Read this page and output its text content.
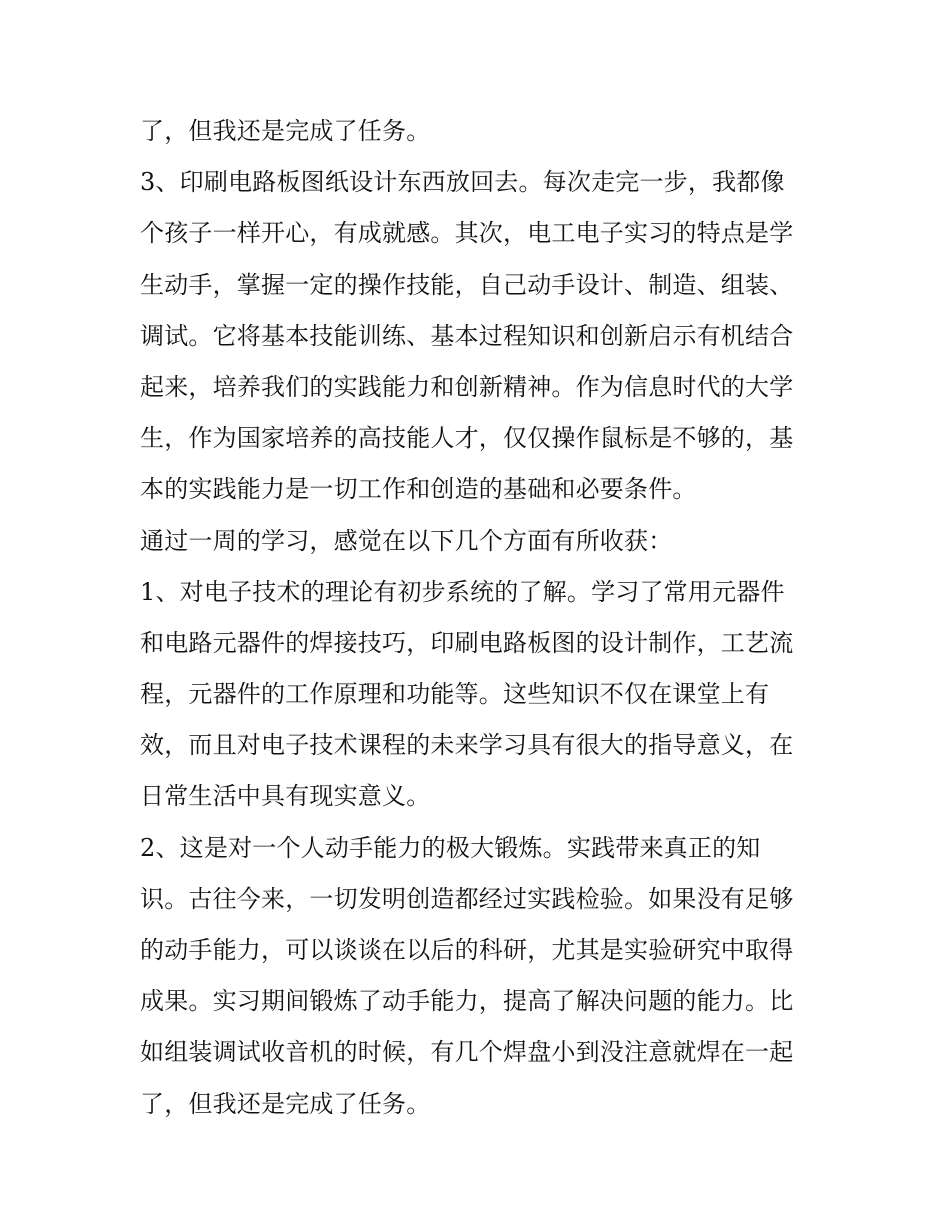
了，但我还是完成了任务。
3、印刷电路板图纸设计东西放回去。每次走完一步，我都像
个孩子一样开心，有成就感。其次，电工电子实习的特点是学
生动手，掌握一定的操作技能，自己动手设计、制造、组装、
调试。它将基本技能训练、基本过程知识和创新启示有机结合
起来，培养我们的实践能力和创新精神。作为信息时代的大学
生，作为国家培养的高技能人才，仅仅操作鼠标是不够的，基
本的实践能力是一切工作和创造的基础和必要条件。
通过一周的学习，感觉在以下几个方面有所收获：
1、对电子技术的理论有初步系统的了解。学习了常用元器件
和电路元器件的焊接技巧，印刷电路板图的设计制作，工艺流
程，元器件的工作原理和功能等。这些知识不仅在课堂上有
效，而且对电子技术课程的未来学习具有很大的指导意义，在
日常生活中具有现实意义。
2、这是对一个人动手能力的极大锻炼。实践带来真正的知
识。古往今来，一切发明创造都经过实践检验。如果没有足够
的动手能力，可以谈谈在以后的科研，尤其是实验研究中取得
成果。实习期间锻炼了动手能力，提高了解决问题的能力。比
如组装调试收音机的时候，有几个焊盘小到没注意就焊在一起
了，但我还是完成了任务。
